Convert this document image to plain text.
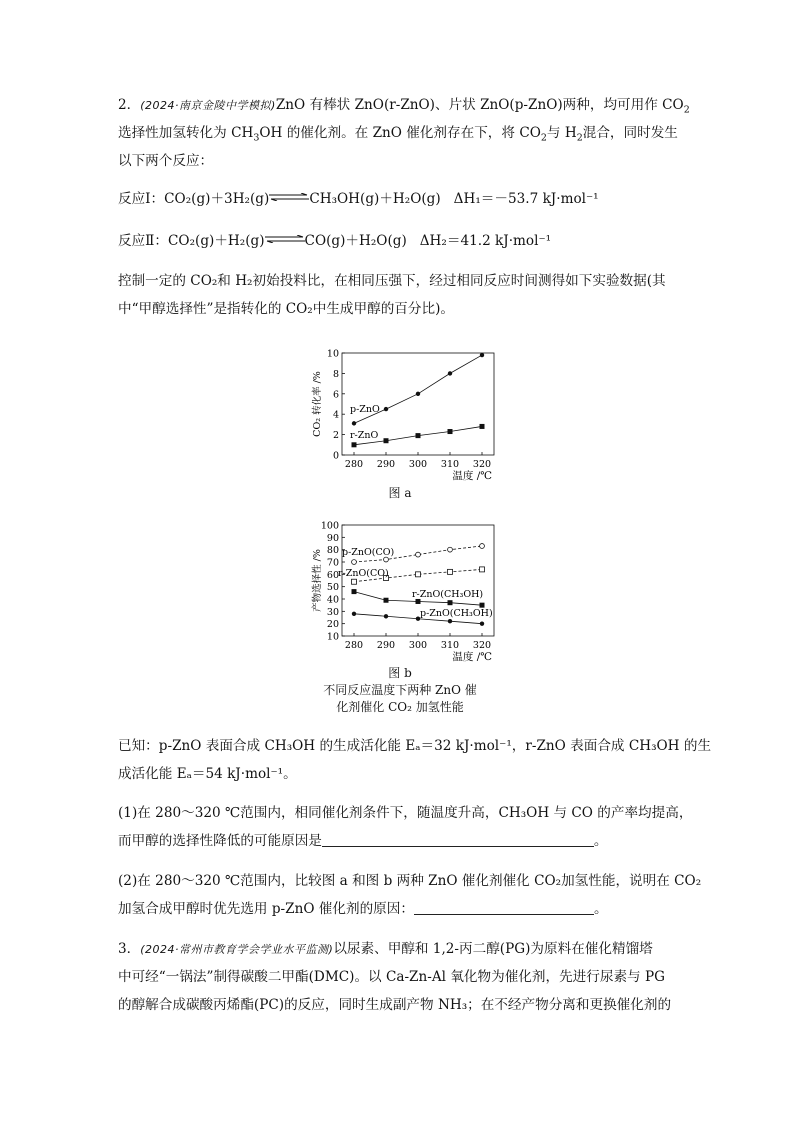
2．(2024·南京金陵中学模拟)ZnO 有棒状 ZnO(r-ZnO)、片状 ZnO(p-ZnO)两种，均可用作 $CO_2$
选择性加氢转化为 $CH_3OH$ 的催化剂。在 ZnO 催化剂存在下，将 $CO_2$与 $H_2$混合，同时发生
以下两个反应：
反应Ⅰ：CO₂(g)＋3H₂(g)⇌CH₃OH(g)＋H₂O(g) ΔH₁＝－53.7 kJ·mol⁻¹
反应Ⅱ：CO₂(g)＋H₂(g)⇌CO(g)＋H₂O(g) ΔH₂＝41.2 kJ·mol⁻¹
控制一定的 CO₂和 H₂初始投料比，在相同压强下，经过相同反应时间测得如下实验数据(其
中“甲醇选择性”是指转化的 CO₂中生成甲醇的百分比)。
0
2
4
6
8
10
280 290 300 310 320
温度 /℃
CO₂ 转化率 /%	p-ZnO
r-ZnO
图 a
10
20
30
40
50
60
70
80
90
100
280 290 300 310 320
温度 /℃
产物选择性 /% p-ZnO(CO)
r-ZnO(CO)
r-ZnO(CH₃OH)
p-ZnO(CH₃OH)
图 b
不同反应温度下两种 ZnO 催
化剂催化 CO₂ 加氢性能
已知：p-ZnO 表面合成 CH₃OH 的生成活化能 Eₐ＝32 kJ·mol⁻¹，r-ZnO 表面合成 CH₃OH 的生
成活化能 Eₐ＝54 kJ·mol⁻¹。
(1)在 280～320 ℃范围内，相同催化剂条件下，随温度升高，CH₃OH 与 CO 的产率均提高，
而甲醇的选择性降低的可能原因是	。
(2)在 280～320 ℃范围内，比较图 a 和图 b 两种 ZnO 催化剂催化 CO₂加氢性能，说明在 CO₂
加氢合成甲醇时优先选用 p-ZnO 催化剂的原因：	。
3．(2024·常州市教育学会学业水平监测)以尿素、甲醇和 1,2-丙二醇(PG)为原料在催化精馏塔
中可经“一锅法”制得碳酸二甲酯(DMC)。以 Ca-Zn-Al 氧化物为催化剂，先进行尿素与 PG
的醇解合成碳酸丙烯酯(PC)的反应，同时生成副产物 NH₃；在不经产物分离和更换催化剂的
